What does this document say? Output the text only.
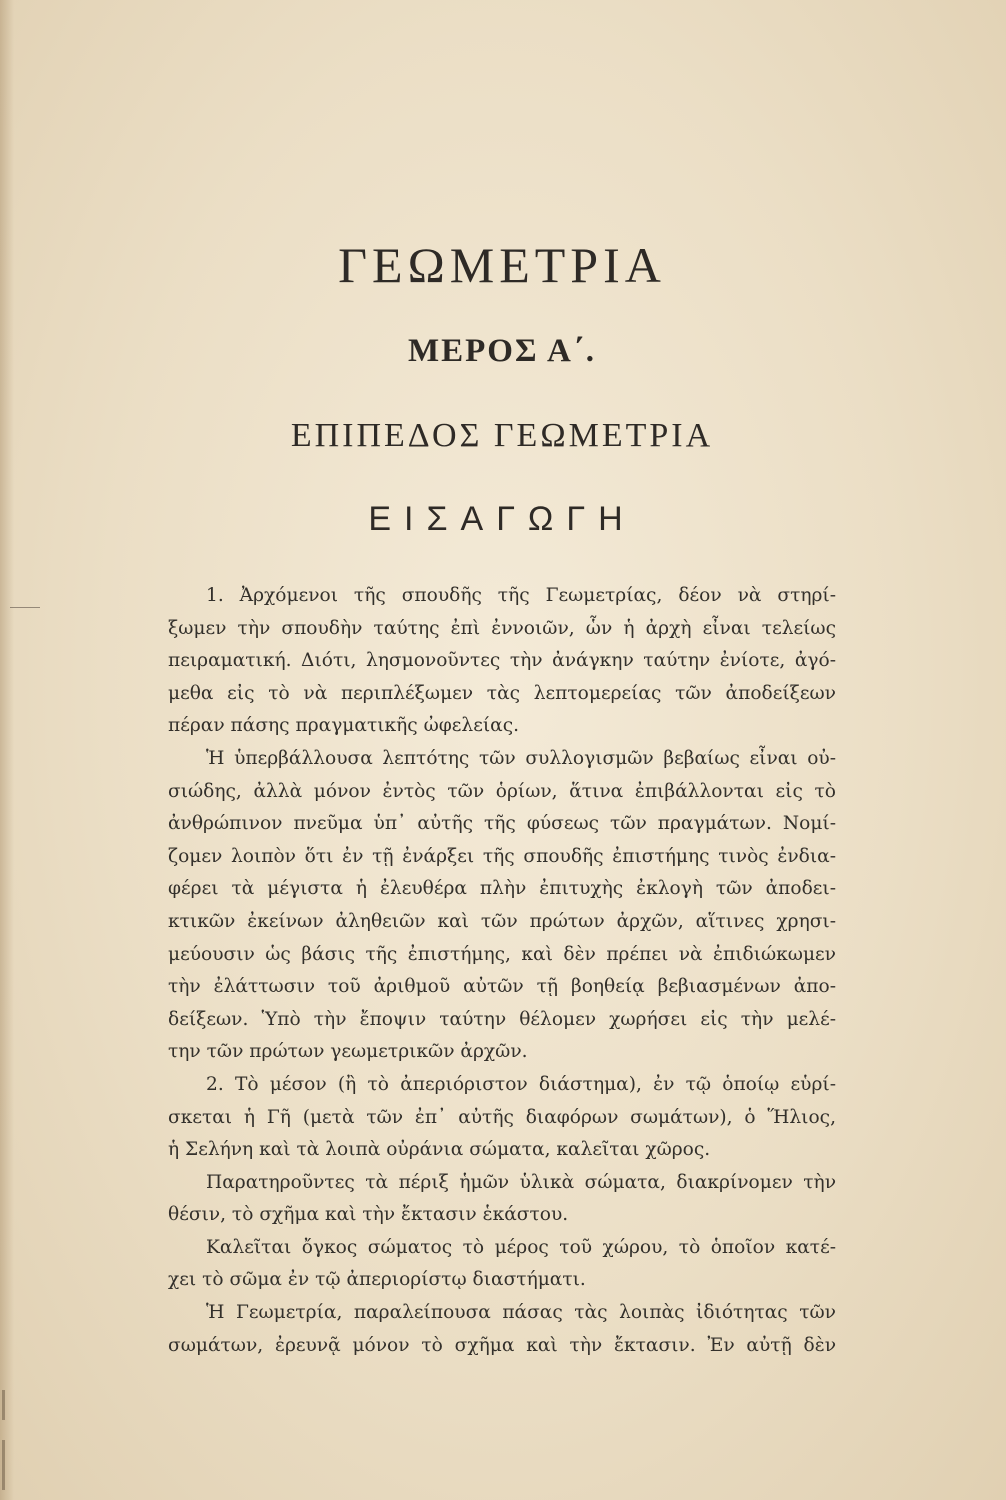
ΓΕΩΜΕΤΡΙΑ
ΜΕΡΟΣ Α΄.
ΕΠΙΠΕΔΟΣ ΓΕΩΜΕΤΡΙΑ
ΕΙΣΑΓΩΓΗ

1. Ἀρχόμενοι τῆς σπουδῆς τῆς Γεωμετρίας, δέον νὰ στηρί-
ξωμεν τὴν σπουδὴν ταύτης ἐπὶ ἐννοιῶν, ὧν ἡ ἀρχὴ εἶναι τελείως
πειραματική. Διότι, λησμονοῦντες τὴν ἀνάγκην ταύτην ἐνίοτε, ἀγό-
μεθα εἰς τὸ νὰ περιπλέξωμεν τὰς λεπτομερείας τῶν ἀποδείξεων
πέραν πάσης πραγματικῆς ὠφελείας.

Ἡ ὑπερβάλλουσα λεπτότης τῶν συλλογισμῶν βεβαίως εἶναι οὐ-
σιώδης, ἀλλὰ μόνον ἐντὸς τῶν ὁρίων, ἅτινα ἐπιβάλλονται εἰς τὸ
ἀνθρώπινον πνεῦμα ὑπ᾽ αὐτῆς τῆς φύσεως τῶν πραγμάτων. Νομί-
ζομεν λοιπὸν ὅτι ἐν τῇ ἐνάρξει τῆς σπουδῆς ἐπιστήμης τινὸς ἐνδια-
φέρει τὰ μέγιστα ἡ ἐλευθέρα πλὴν ἐπιτυχὴς ἐκλογὴ τῶν ἀποδει-
κτικῶν ἐκείνων ἀληθειῶν καὶ τῶν πρώτων ἀρχῶν, αἵτινες χρησι-
μεύουσιν ὡς βάσις τῆς ἐπιστήμης, καὶ δὲν πρέπει νὰ ἐπιδιώκωμεν
τὴν ἐλάττωσιν τοῦ ἀριθμοῦ αὐτῶν τῇ βοηθείᾳ βεβιασμένων ἀπο-
δείξεων. Ὑπὸ τὴν ἔποψιν ταύτην θέλομεν χωρήσει εἰς τὴν μελέ-
την τῶν πρώτων γεωμετρικῶν ἀρχῶν.

2. Τὸ μέσον (ἢ τὸ ἀπεριόριστον διάστημα), ἐν τῷ ὁποίῳ εὑρί-
σκεται ἡ Γῆ (μετὰ τῶν ἐπ᾽ αὐτῆς διαφόρων σωμάτων), ὁ Ἥλιος,
ἡ Σελήνη καὶ τὰ λοιπὰ οὐράνια σώματα, καλεῖται χῶρος.

Παρατηροῦντες τὰ πέριξ ἡμῶν ὑλικὰ σώματα, διακρίνομεν τὴν
θέσιν, τὸ σχῆμα καὶ τὴν ἔκτασιν ἑκάστου.

Καλεῖται ὄγκος σώματος τὸ μέρος τοῦ χώρου, τὸ ὁποῖον κατέ-
χει τὸ σῶμα ἐν τῷ ἀπεριορίστῳ διαστήματι.

Ἡ Γεωμετρία, παραλείπουσα πάσας τὰς λοιπὰς ἰδιότητας τῶν
σωμάτων, ἐρευνᾷ μόνον τὸ σχῆμα καὶ τὴν ἔκτασιν. Ἐν αὐτῇ δὲν
